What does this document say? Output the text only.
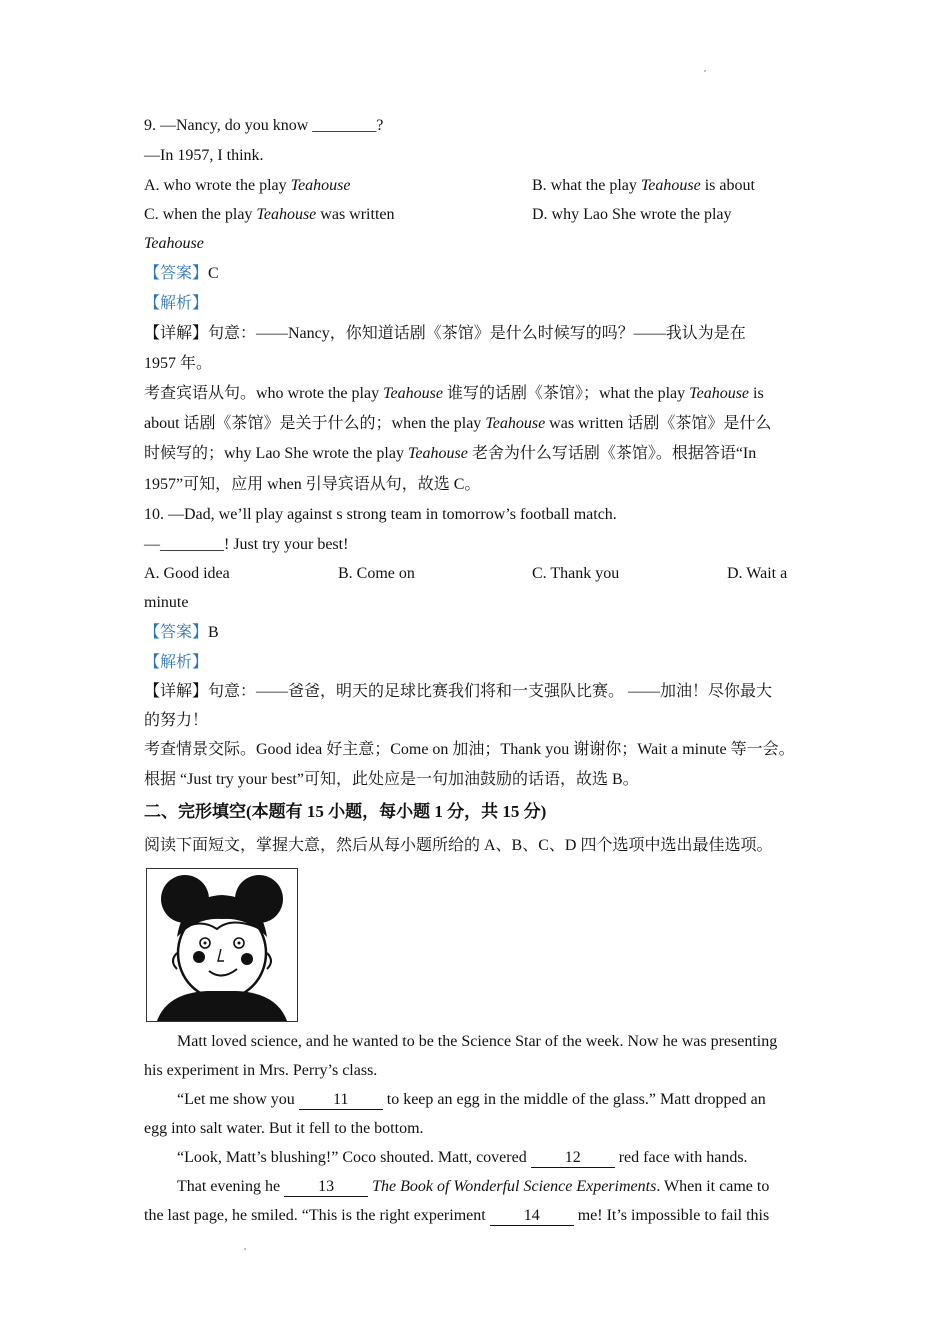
9. —Nancy, do you know ________?
—In 1957, I think.
A. who wrote the play Teahouse	B. what the play Teahouse is about
C. when the play Teahouse was written	D. why Lao She wrote the play
Teahouse
【答案】C
【解析】
【详解】句意：——Nancy，你知道话剧《茶馆》是什么时候写的吗？——我认为是在
1957 年。
考查宾语从句。who wrote the play Teahouse 谁写的话剧《茶馆》；what the play Teahouse is
about 话剧《茶馆》是关于什么的；when the play Teahouse was written 话剧《茶馆》是什么
时候写的；why Lao She wrote the play Teahouse 老舍为什么写话剧《茶馆》。根据答语“In
1957”可知，应用 when 引导宾语从句，故选 C。
10. —Dad, we’ll play against s strong team in tomorrow’s football match.
—________! Just try your best!
A. Good idea	B. Come on	C. Thank you	D. Wait a
minute
【答案】B
【解析】
【详解】句意：——爸爸，明天的足球比赛我们将和一支强队比赛。 ——加油！尽你最大
的努力！
考查情景交际。Good idea 好主意；Come on 加油；Thank you 谢谢你；Wait a minute 等一会。
根据 “Just try your best”可知，此处应是一句加油鼓励的话语，故选 B。
二、完形填空(本题有 15 小题，每小题 1 分，共 15 分)
阅读下面短文，掌握大意，然后从每小题所给的 A、B、C、D 四个选项中选出最佳选项。
Matt loved science, and he wanted to be the Science Star of the week. Now he was presenting
his experiment in Mrs. Perry’s class.
“Let me show you 11 to keep an egg in the middle of the glass.” Matt dropped an
egg into salt water. But it fell to the bottom.
“Look, Matt’s blushing!” Coco shouted. Matt, covered 12 red face with hands.
That evening he 13 The Book of Wonderful Science Experiments. When it came to
the last page, he smiled. “This is the right experiment 14 me! It’s impossible to fail this
